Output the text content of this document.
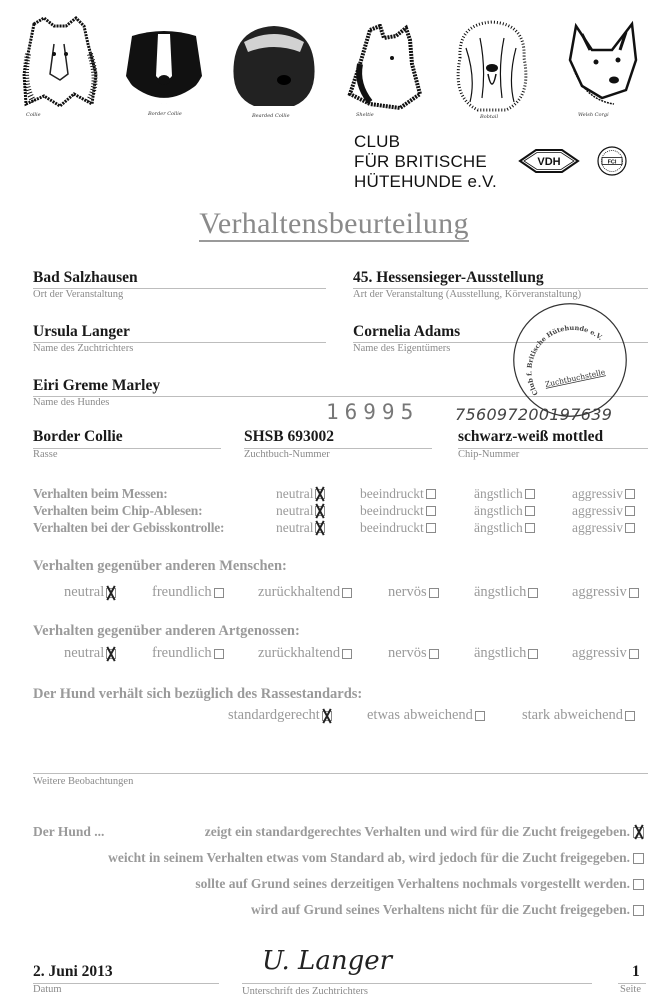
Collie	Border Collie	Bearded Collie	Sheltie	Bobtail	Welsh Corgi
CLUB
FÜR BRITISCHE
HÜTEHUNDE e.V.
VDH	FCI
Verhaltensbeurteilung
Bad Salzhausen
Ort der Veranstaltung
45. Hessensieger-Ausstellung
Art der Veranstaltung (Ausstellung, Körveranstaltung)
Ursula Langer
Name des Zuchtrichters
Cornelia Adams
Name des Eigentümers
Eiri Greme Marley
Name des Hundes	16995 756097200197639
Border Collie
Rasse
SHSB 693002
Zuchtbuch-Nummer
schwarz-weiß mottled
Chip-Nummer
Club f. Britische Hütehunde e.V.
Zuchtbuchstelle
Verhalten beim Messen:	neutral	beeindruckt	ängstlich	aggressiv
Verhalten beim Chip-Ablesen:	neutral	beeindruckt	ängstlich	aggressiv
Verhalten bei der Gebisskontrolle:	neutral	beeindruckt	ängstlich	aggressiv
Verhalten gegenüber anderen Menschen:
neutral	freundlich	zurückhaltend	nervös	ängstlich	aggressiv
Verhalten gegenüber anderen Artgenossen:
neutral	freundlich	zurückhaltend	nervös	ängstlich	aggressiv
Der Hund verhält sich bezüglich des Rassestandards:
standardgerecht	etwas abweichend	stark abweichend
Weitere Beobachtungen
Der Hund ...	zeigt ein standardgerechtes Verhalten und wird für die Zucht freigegeben.
weicht in seinem Verhalten etwas vom Standard ab, wird jedoch für die Zucht freigegeben.
sollte auf Grund seines derzeitigen Verhaltens nochmals vorgestellt werden.
wird auf Grund seines Verhaltens nicht für die Zucht freigegeben.
2. Juni 2013
Datum
U. Langer
Unterschrift des Zuchtrichters
1
Seite
